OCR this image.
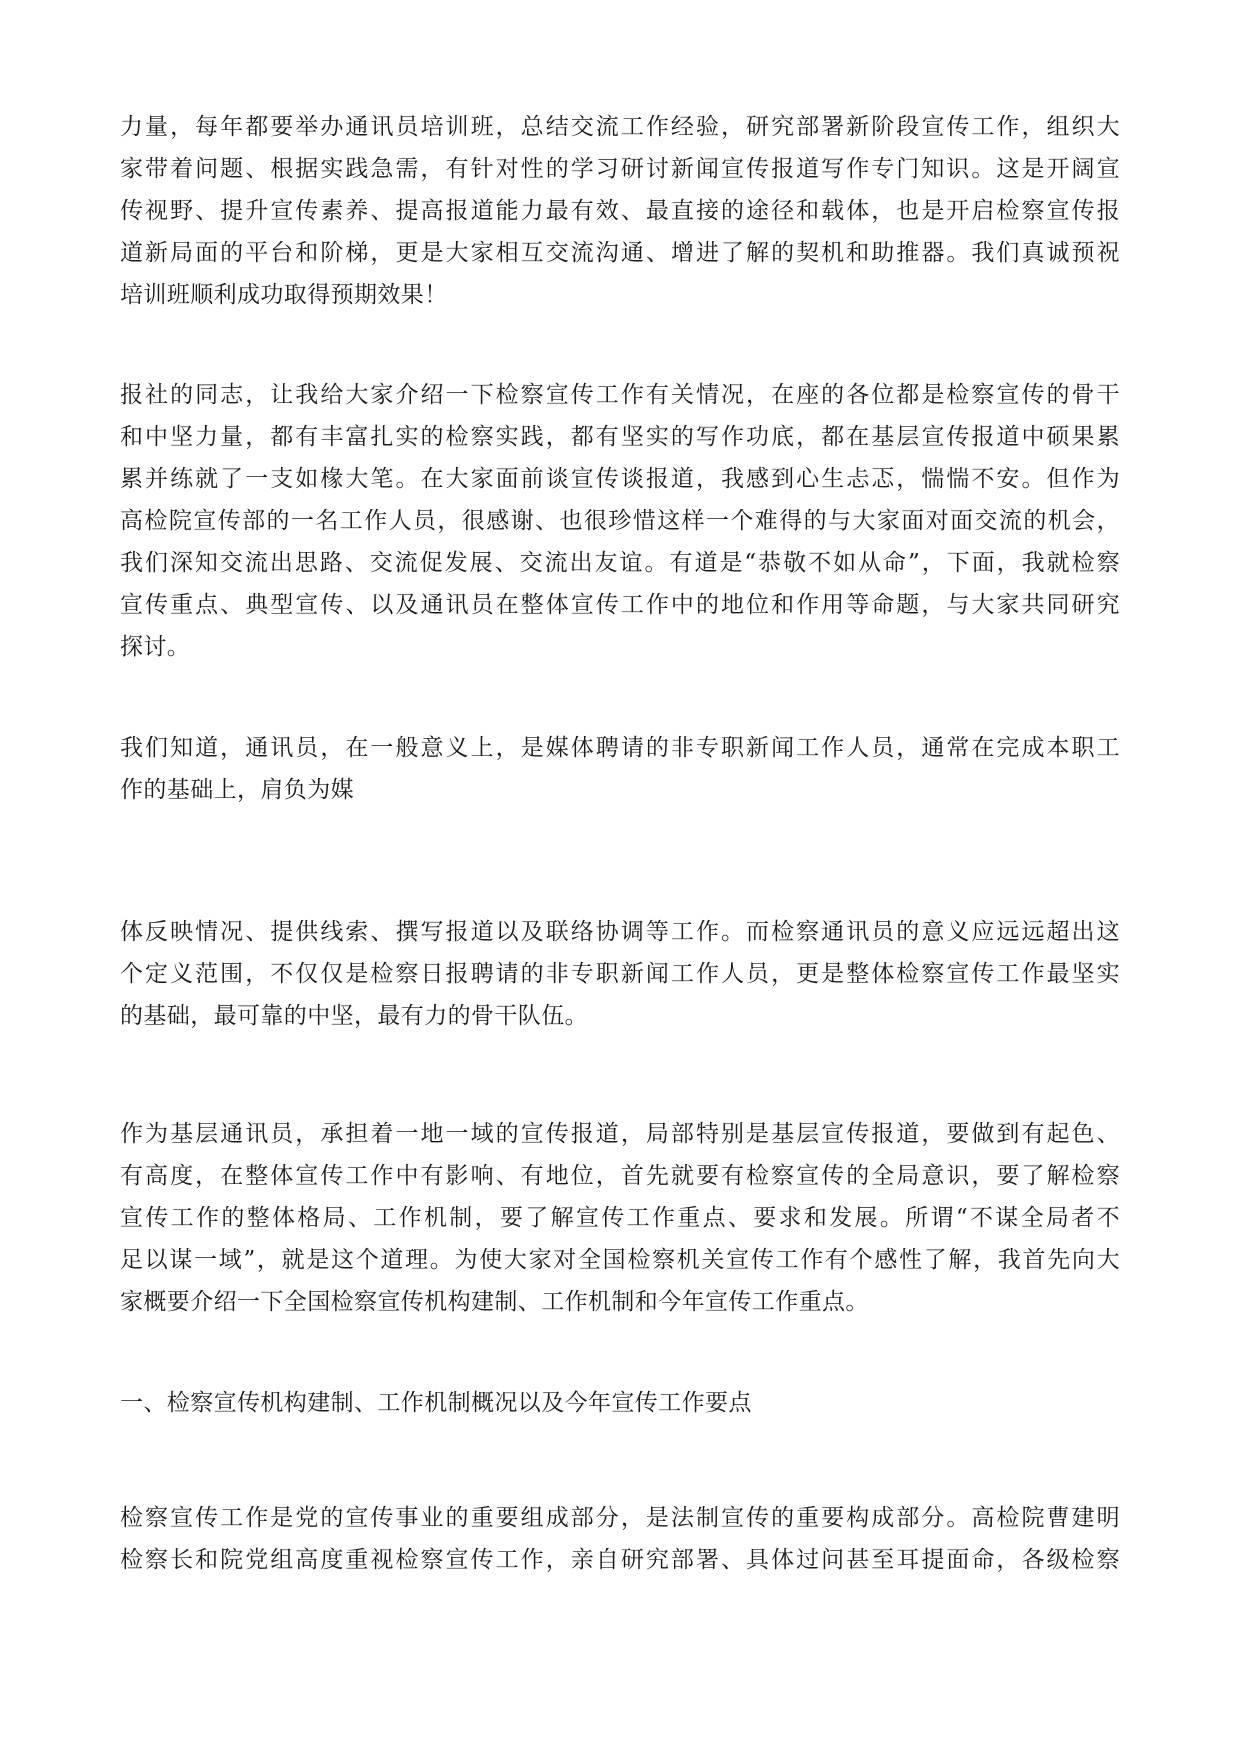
力量，每年都要举办通讯员培训班，总结交流工作经验，研究部署新阶段宣传工作，组织大
家带着问题、根据实践急需，有针对性的学习研讨新闻宣传报道写作专门知识。这是开阔宣
传视野、提升宣传素养、提高报道能力最有效、最直接的途径和载体，也是开启检察宣传报
道新局面的平台和阶梯，更是大家相互交流沟通、增进了解的契机和助推器。我们真诚预祝
培训班顺利成功取得预期效果！
报社的同志，让我给大家介绍一下检察宣传工作有关情况，在座的各位都是检察宣传的骨干
和中坚力量，都有丰富扎实的检察实践，都有坚实的写作功底，都在基层宣传报道中硕果累
累并练就了一支如椽大笔。在大家面前谈宣传谈报道，我感到心生忐忑，惴惴不安。但作为
高检院宣传部的一名工作人员，很感谢、也很珍惜这样一个难得的与大家面对面交流的机会，
我们深知交流出思路、交流促发展、交流出友谊。有道是“恭敬不如从命”，下面，我就检察
宣传重点、典型宣传、以及通讯员在整体宣传工作中的地位和作用等命题，与大家共同研究
探讨。
我们知道，通讯员，在一般意义上，是媒体聘请的非专职新闻工作人员，通常在完成本职工
作的基础上，肩负为媒
体反映情况、提供线索、撰写报道以及联络协调等工作。而检察通讯员的意义应远远超出这
个定义范围，不仅仅是检察日报聘请的非专职新闻工作人员，更是整体检察宣传工作最坚实
的基础，最可靠的中坚，最有力的骨干队伍。
作为基层通讯员，承担着一地一域的宣传报道，局部特别是基层宣传报道，要做到有起色、
有高度，在整体宣传工作中有影响、有地位，首先就要有检察宣传的全局意识，要了解检察
宣传工作的整体格局、工作机制，要了解宣传工作重点、要求和发展。所谓“不谋全局者不
足以谋一域”，就是这个道理。为使大家对全国检察机关宣传工作有个感性了解，我首先向大
家概要介绍一下全国检察宣传机构建制、工作机制和今年宣传工作重点。
一、检察宣传机构建制、工作机制概况以及今年宣传工作要点
检察宣传工作是党的宣传事业的重要组成部分，是法制宣传的重要构成部分。高检院曹建明
检察长和院党组高度重视检察宣传工作，亲自研究部署、具体过问甚至耳提面命，各级检察
